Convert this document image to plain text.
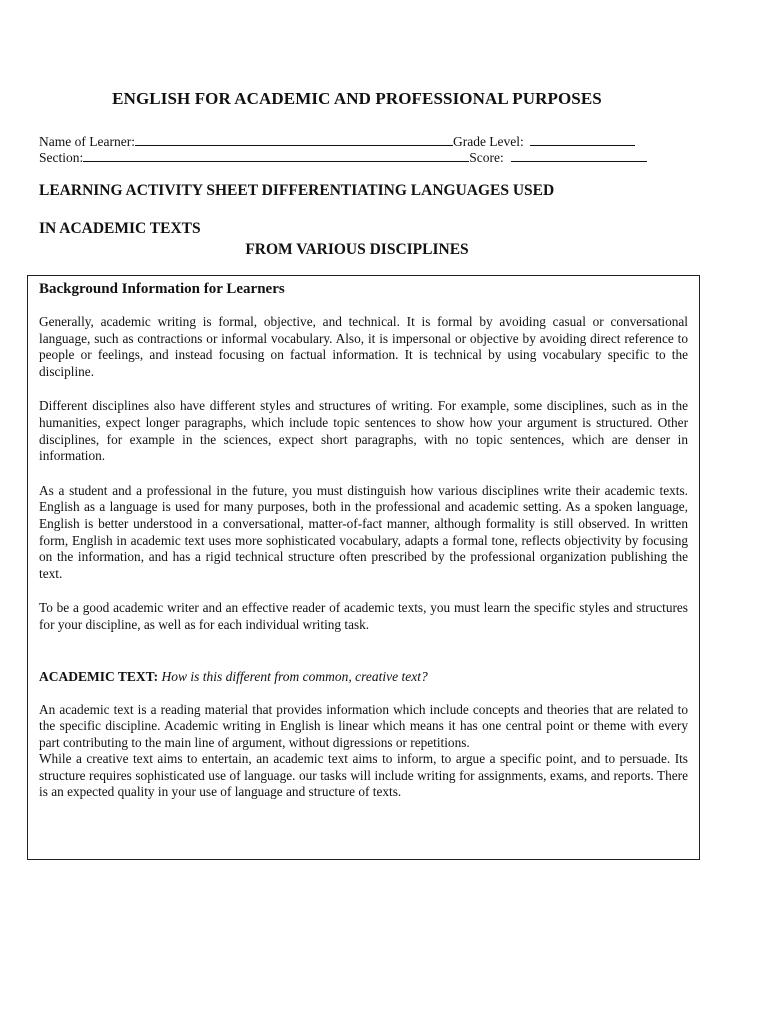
ENGLISH FOR ACADEMIC AND PROFESSIONAL PURPOSES
Name of Learner:	Grade Level:
Section:	Score:
LEARNING ACTIVITY SHEET DIFFERENTIATING LANGUAGES USED
IN ACADEMIC TEXTS
FROM VARIOUS DISCIPLINES
Background Information for Learners

Generally, academic writing is formal, objective, and technical. It is formal by avoiding casual or conversational language, such as contractions or informal vocabulary. Also, it is impersonal or objective by avoiding direct reference to people or feelings, and instead focusing on factual information. It is technical by using vocabulary specific to the discipline.

Different disciplines also have different styles and structures of writing. For example, some disciplines, such as in the humanities, expect longer paragraphs, which include topic sentences to show how your argument is structured. Other disciplines, for example in the sciences, expect short paragraphs, with no topic sentences, which are denser in information.

As a student and a professional in the future, you must distinguish how various disciplines write their academic texts. English as a language is used for many purposes, both in the professional and academic setting. As a spoken language, English is better understood in a conversational, matter-of-fact manner, although formality is still observed. In written form, English in academic text uses more sophisticated vocabulary, adapts a formal tone, reflects objectivity by focusing on the information, and has a rigid technical structure often prescribed by the professional organization publishing the text.

To be a good academic writer and an effective reader of academic texts, you must learn the specific styles and structures for your discipline, as well as for each individual writing task.

ACADEMIC TEXT: How is this different from common, creative text?

An academic text is a reading material that provides information which include concepts and theories that are related to the specific discipline. Academic writing in English is linear which means it has one central point or theme with every part contributing to the main line of argument, without digressions or repetitions.

While a creative text aims to entertain, an academic text aims to inform, to argue a specific point, and to persuade. Its structure requires sophisticated use of language. our tasks will include writing for assignments, exams, and reports. There is an expected quality in your use of language and structure of texts.
